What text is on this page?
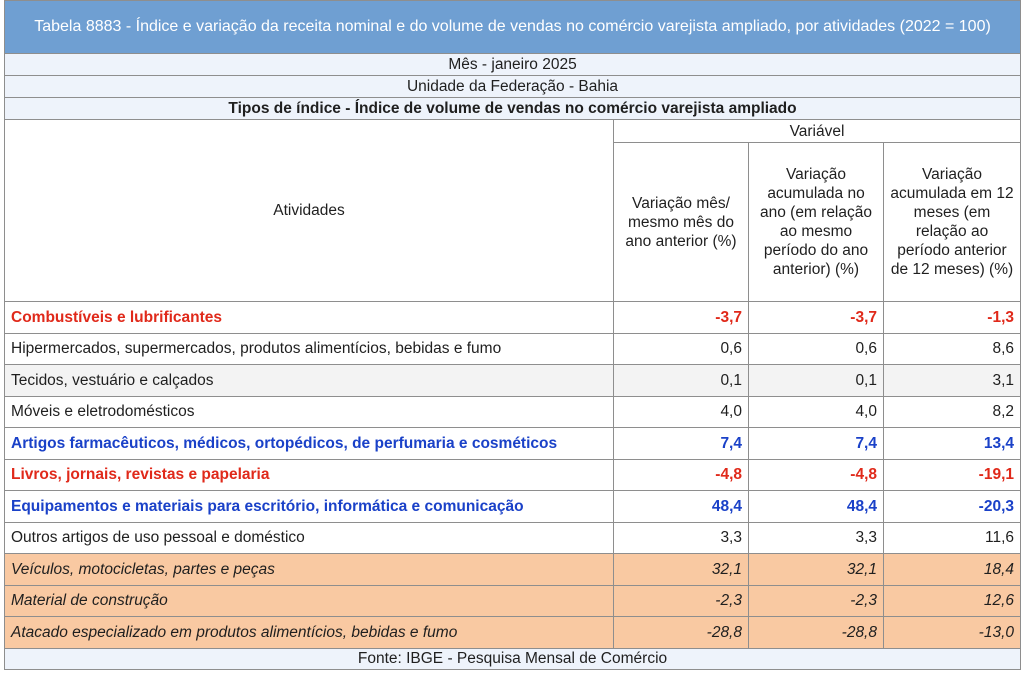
Tabela 8883 - Índice e variação da receita nominal e do volume de vendas no comércio varejista ampliado, por atividades (2022 = 100)			
Mês - janeiro 2025			
Unidade da Federação - Bahia			
Tipos de índice - Índice de volume de vendas no comércio varejista ampliado			
Atividades	Variável		
	Variação mês/ mesmo mês do ano anterior (%)	Variação acumulada no ano (em relação ao mesmo período do ano anterior) (%)	Variação acumulada em 12 meses (em relação ao período anterior de 12 meses) (%)
Combustíveis e lubrificantes	-3,7	-3,7	-1,3
Hipermercados, supermercados, produtos alimentícios, bebidas e fumo	0,6	0,6	8,6
Tecidos, vestuário e calçados	0,1	0,1	3,1
Móveis e eletrodomésticos	4,0	4,0	8,2
Artigos farmacêuticos, médicos, ortopédicos, de perfumaria e cosméticos	7,4	7,4	13,4
Livros, jornais, revistas e papelaria	-4,8	-4,8	-19,1
Equipamentos e materiais para escritório, informática e comunicação	48,4	48,4	-20,3
Outros artigos de uso pessoal e doméstico	3,3	3,3	11,6
Veículos, motocicletas, partes e peças	32,1	32,1	18,4
Material de construção	-2,3	-2,3	12,6
Atacado especializado em produtos alimentícios, bebidas e fumo	-28,8	-28,8	-13,0
Fonte: IBGE - Pesquisa Mensal de Comércio			
